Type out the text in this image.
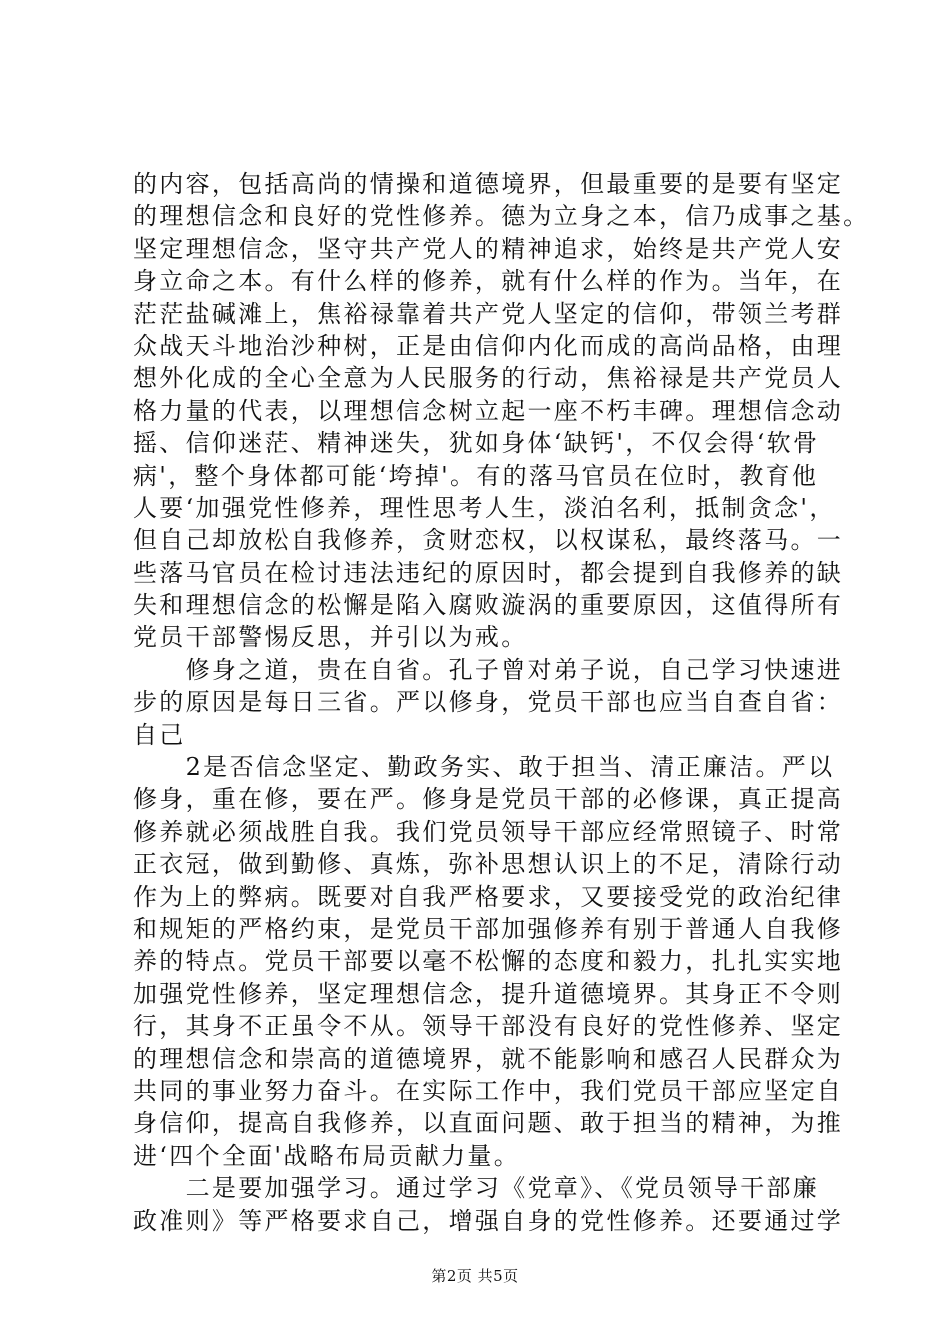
的内容，包括高尚的情操和道德境界，但最重要的是要有坚定
的理想信念和良好的党性修养。德为立身之本，信乃成事之基。
坚定理想信念，坚守共产党人的精神追求，始终是共产党人安
身立命之本。有什么样的修养，就有什么样的作为。当年，在
茫茫盐碱滩上，焦裕禄靠着共产党人坚定的信仰，带领兰考群
众战天斗地治沙种树，正是由信仰内化而成的高尚品格，由理
想外化成的全心全意为人民服务的行动，焦裕禄是共产党员人
格力量的代表，以理想信念树立起一座不朽丰碑。理想信念动
摇、信仰迷茫、精神迷失，犹如身体‘缺钙'，不仅会得‘软骨
病'，整个身体都可能‘垮掉'。有的落马官员在位时，教育他
人要‘加强党性修养，理性思考人生，淡泊名利，抵制贪念'，
但自己却放松自我修养，贪财恋权，以权谋私，最终落马。一
些落马官员在检讨违法违纪的原因时，都会提到自我修养的缺
失和理想信念的松懈是陷入腐败漩涡的重要原因，这值得所有
党员干部警惕反思，并引以为戒。
　　修身之道，贵在自省。孔子曾对弟子说，自己学习快速进
步的原因是每日三省。严以修身，党员干部也应当自查自省：
自己
　　2是否信念坚定、勤政务实、敢于担当、清正廉洁。严以
修身，重在修，要在严。修身是党员干部的必修课，真正提高
修养就必须战胜自我。我们党员领导干部应经常照镜子、时常
正衣冠，做到勤修、真炼，弥补思想认识上的不足，清除行动
作为上的弊病。既要对自我严格要求，又要接受党的政治纪律
和规矩的严格约束，是党员干部加强修养有别于普通人自我修
养的特点。党员干部要以毫不松懈的态度和毅力，扎扎实实地
加强党性修养，坚定理想信念，提升道德境界。其身正不令则
行，其身不正虽令不从。领导干部没有良好的党性修养、坚定
的理想信念和崇高的道德境界，就不能影响和感召人民群众为
共同的事业努力奋斗。在实际工作中，我们党员干部应坚定自
身信仰，提高自我修养，以直面问题、敢于担当的精神，为推
进‘四个全面'战略布局贡献力量。
　　二是要加强学习。通过学习《党章》、《党员领导干部廉
政准则》等严格要求自己，增强自身的党性修养。还要通过学
第2页 共5页
